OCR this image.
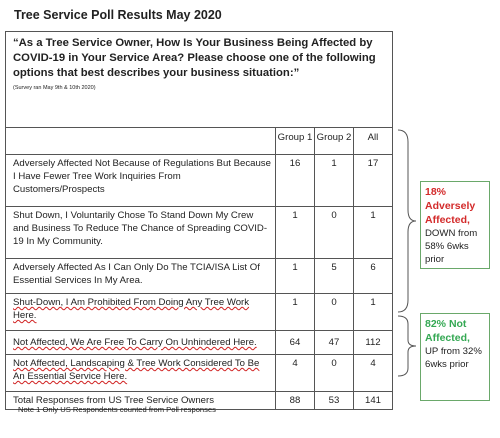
Tree Service Poll Results May 2020
“As a Tree Service Owner, How Is Your Business Being Affected by COVID-19 in Your Service Area? Please choose one of the following options that best describes your business situation:”
(Survey ran May 9th & 10th 2020)			

	Group 1	Group 2	All
Adversely Affected Not Because of Regulations But Because I Have Fewer Tree Work Inquiries From Customers/Prospects	16	1	17
Shut Down, I Voluntarily Chose To Stand Down My Crew and Business To Reduce The Chance of Spreading COVID-19 In My Community.	1	0	1
Adversely Affected As I Can Only Do The TCIA/ISA List Of Essential Services In My Area.	1	5	6
Shut-Down, I Am Prohibited From Doing Any Tree Work Here.	1	0	1
Not Affected, We Are Free To Carry On Unhindered Here.	64	47	112
Not Affected, Landscaping & Tree Work Considered To Be An Essential Service Here.	4	0	4
Total Responses from US Tree Service Owners	88	53	141
18%
Adversely Affected,
DOWN from 58% 6wks prior
82% Not Affected,
UP from 32% 6wks prior
Note 1 Only US Respondents counted from Poll responses
